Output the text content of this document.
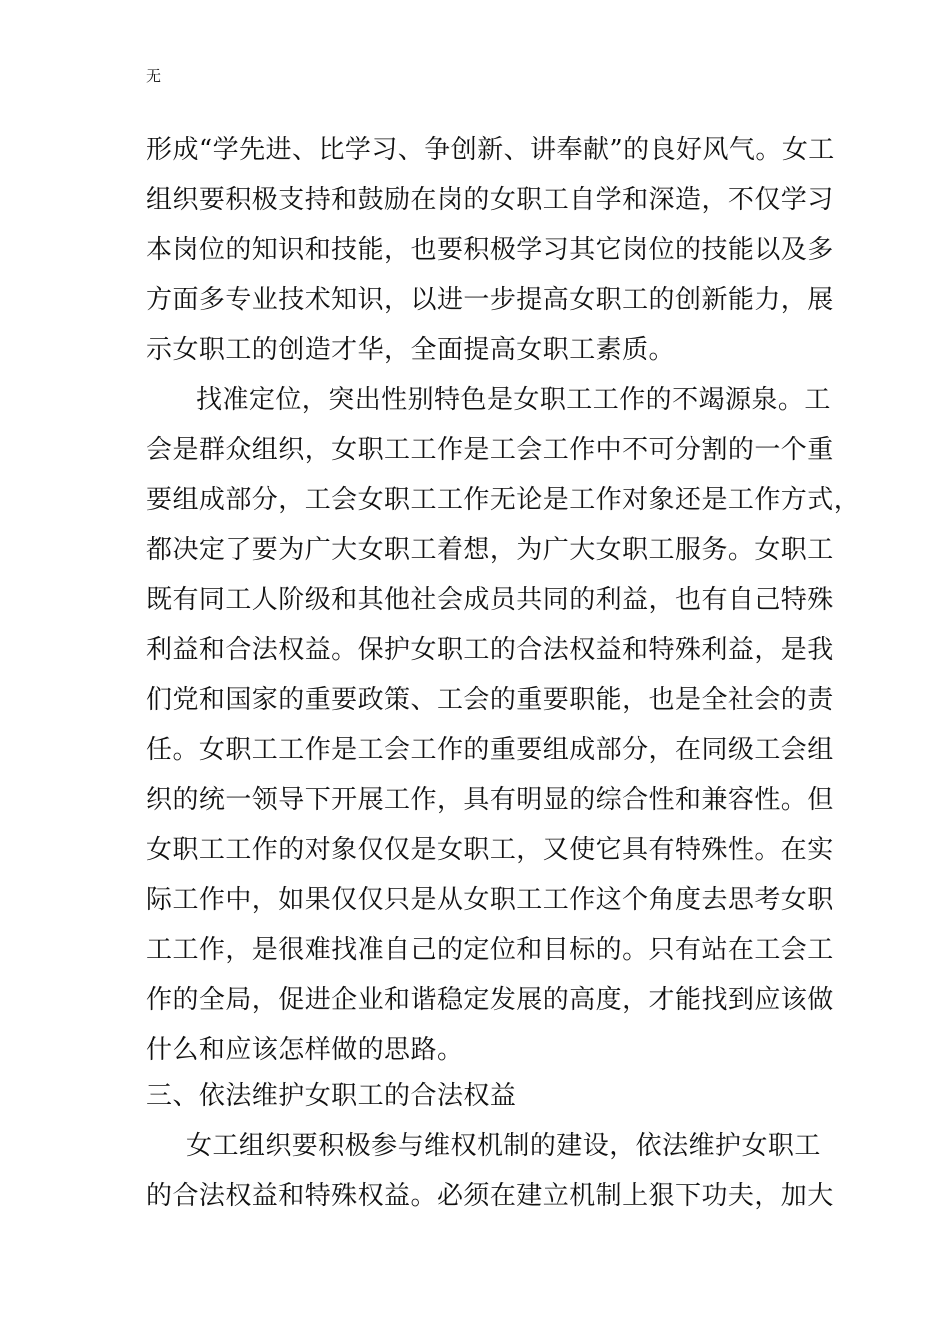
无
形成“学先进、比学习、争创新、讲奉献”的良好风气。女工
组织要积极支持和鼓励在岗的女职工自学和深造，不仅学习
本岗位的知识和技能，也要积极学习其它岗位的技能以及多
方面多专业技术知识，以进一步提高女职工的创新能力，展
示女职工的创造才华，全面提高女职工素质。
找准定位，突出性别特色是女职工工作的不竭源泉。工
会是群众组织，女职工工作是工会工作中不可分割的一个重
要组成部分，工会女职工工作无论是工作对象还是工作方式，
都决定了要为广大女职工着想，为广大女职工服务。女职工
既有同工人阶级和其他社会成员共同的利益，也有自己特殊
利益和合法权益。保护女职工的合法权益和特殊利益，是我
们党和国家的重要政策、工会的重要职能，也是全社会的责
任。女职工工作是工会工作的重要组成部分，在同级工会组
织的统一领导下开展工作，具有明显的综合性和兼容性。但
女职工工作的对象仅仅是女职工，又使它具有特殊性。在实
际工作中，如果仅仅只是从女职工工作这个角度去思考女职
工工作，是很难找准自己的定位和目标的。只有站在工会工
作的全局，促进企业和谐稳定发展的高度，才能找到应该做
什么和应该怎样做的思路。
三、依法维护女职工的合法权益
女工组织要积极参与维权机制的建设，依法维护女职工
的合法权益和特殊权益。必须在建立机制上狠下功夫，加大
